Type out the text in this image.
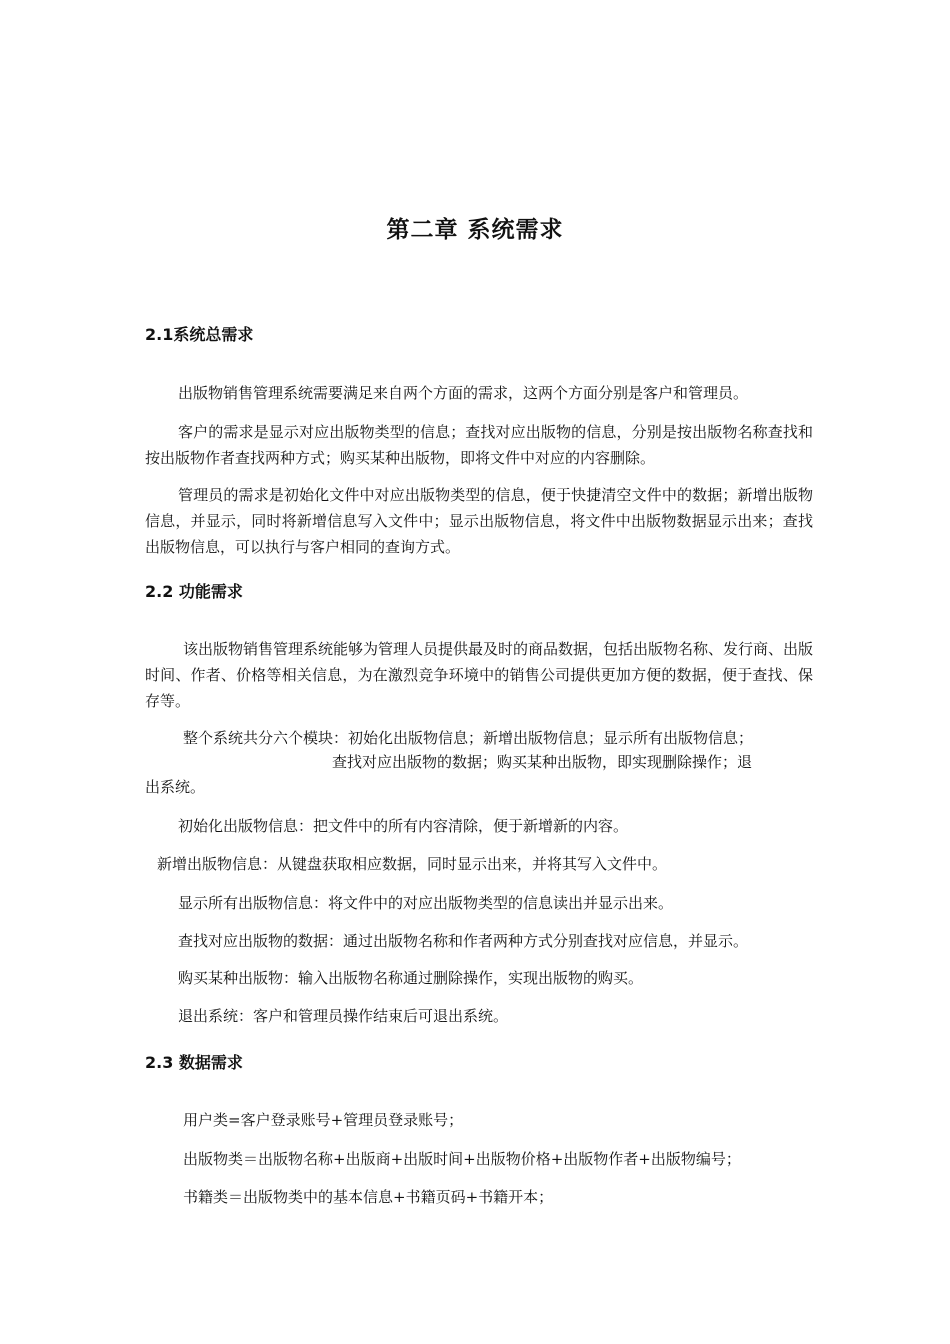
第二章 系统需求
2.1系统总需求

出版物销售管理系统需要满足来自两个方面的需求，这两个方面分别是客户和管理员。

客户的需求是显示对应出版物类型的信息；查找对应出版物的信息，分别是按出版物名称查找和按出版物作者查找两种方式；购买某种出版物，即将文件中对应的内容删除。

管理员的需求是初始化文件中对应出版物类型的信息，便于快捷清空文件中的数据；新增出版物信息，并显示，同时将新增信息写入文件中；显示出版物信息，将文件中出版物数据显示出来；查找出版物信息，可以执行与客户相同的查询方式。

2.2 功能需求

该出版物销售管理系统能够为管理人员提供最及时的商品数据，包括出版物名称、发行商、出版时间、作者、价格等相关信息，为在激烈竞争环境中的销售公司提供更加方便的数据，便于查找、保存等。

整个系统共分六个模块：初始化出版物信息；新增出版物信息；显示所有出版物信息；

查找对应出版物的数据；购买某种出版物，即实现删除操作；退

出系统。

初始化出版物信息：把文件中的所有内容清除，便于新增新的内容。

新增出版物信息：从键盘获取相应数据，同时显示出来，并将其写入文件中。

显示所有出版物信息：将文件中的对应出版物类型的信息读出并显示出来。

查找对应出版物的数据：通过出版物名称和作者两种方式分别查找对应信息，并显示。

购买某种出版物：输入出版物名称通过删除操作，实现出版物的购买。

退出系统：客户和管理员操作结束后可退出系统。

2.3 数据需求

用户类=客户登录账号+管理员登录账号；

出版物类＝出版物名称+出版商+出版时间+出版物价格+出版物作者+出版物编号；

书籍类＝出版物类中的基本信息+书籍页码+书籍开本；
